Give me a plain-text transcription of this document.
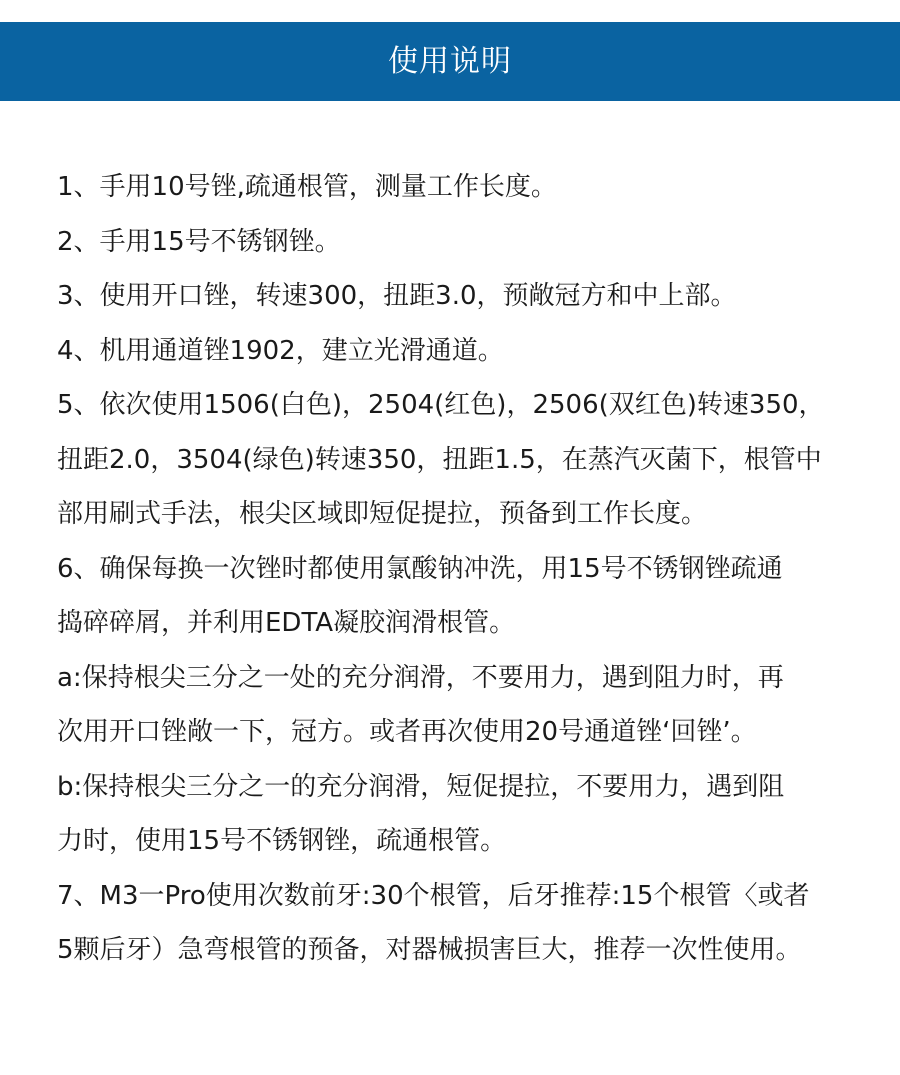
使用说明
1、手用10号锉,疏通根管，测量工作长度。
2、手用15号不锈钢锉。
3、使用开口锉，转速300，扭距3.0，预敞冠方和中上部。
4、机用通道锉1902，建立光滑通道。
5、依次使用1506(白色)，2504(红色)，2506(双红色)转速350，
扭距2.0，3504(绿色)转速350，扭距1.5，在蒸汽灭菌下，根管中
部用刷式手法，根尖区域即短促提拉，预备到工作长度。
6、确保每换一次锉时都使用氯酸钠冲洗，用15号不锈钢锉疏通
捣碎碎屑，并利用EDTA凝胶润滑根管。
a:保持根尖三分之一处的充分润滑，不要用力，遇到阻力时，再
次用开口锉敞一下，冠方。或者再次使用20号通道锉‘回锉’。
b:保持根尖三分之一的充分润滑，短促提拉，不要用力，遇到阻
力时，使用15号不锈钢锉，疏通根管。
7、M3一Pro使用次数前牙:30个根管，后牙推荐:15个根管〈或者
5颗后牙）急弯根管的预备，对器械损害巨大，推荐一次性使用。
